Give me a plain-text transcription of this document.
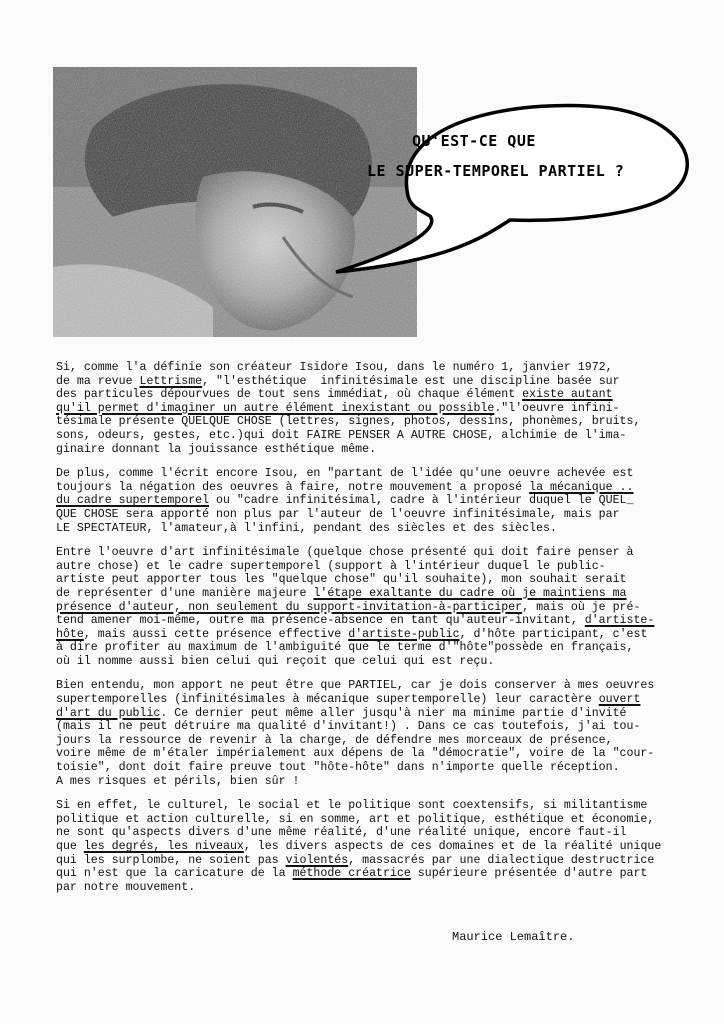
QU'EST-CE QUE
LE SUPER-TEMPOREL PARTIEL ?

Si, comme l'a définie son créateur Isidore Isou, dans le numéro 1, janvier 1972,
de ma revue Lettrisme, "l'esthétique  infinitésimale est une discipline basée sur
des particules dépourvues de tout sens immédiat, où chaque élément existe autant
qu'il permet d'imaginer un autre élément inexistant ou possible."l'oeuvre infini-
tésimale présente QUELQUE CHOSE (lettres, signes, photos, dessins, phonèmes, bruits,
sons, odeurs, gestes, etc.)qui doit FAIRE PENSER A AUTRE CHOSE, alchimie de l'ima-
ginaire donnant la jouissance esthétique même.

De plus, comme l'écrit encore Isou, en "partant de l'idée qu'une oeuvre achevée est
toujours la négation des oeuvres à faire, notre mouvement a proposé la mécanique ..
du cadre supertemporel ou "cadre infinitésimal, cadre à l'intérieur duquel le QUEL_
QUE CHOSE sera apporté non plus par l'auteur de l'oeuvre infinitésimale, mais par
LE SPECTATEUR, l'amateur,à l'infini, pendant des siècles et des siècles.

Entre l'oeuvre d'art infinitésimale (quelque chose présenté qui doit faire penser à
autre chose) et le cadre supertemporel (support à l'intérieur duquel le public-
artiste peut apporter tous les "quelque chose" qu'il souhaite), mon souhait serait
de représenter d'une manière majeure l'étape exaltante du cadre où je maintiens ma
présence d'auteur, non seulement du support-invitation-à-participer, mais où je pré-
tend amener moi-même, outre ma présence-absence en tant qu'auteur-invitant, d'artiste-
hôte, mais aussi cette présence effective d'artiste-public, d'hôte participant, c'est
à dire profiter au maximum de l'ambiguité que le terme d'"hôte"possède en français,
où il nomme aussi bien celui qui reçoit que celui qui est reçu.

Bien entendu, mon apport ne peut être que PARTIEL, car je dois conserver à mes oeuvres
supertemporelles (infinitésimales à mécanique supertemporelle) leur caractère ouvert
d'art du public. Ce dernier peut même aller jusqu'à nier ma minime partie d'invité
(mais il ne peut détruire ma qualité d'invitant!) . Dans ce cas toutefois, j'ai tou-
jours la ressource de revenir à la charge, de défendre mes morceaux de présence,
voire même de m'étaler impérialement aux dépens de la "démocratie", voire de la "cour-
toisie", dont doit faire preuve tout "hôte-hôte" dans n'importe quelle réception.
A mes risques et périls, bien sûr !

Si en effet, le culturel, le social et le politique sont coextensifs, si militantisme
politique et action culturelle, si en somme, art et politique, esthétique et économie,
ne sont qu'aspects divers d'une même réalité, d'une réalité unique, encore faut-il
que les degrés, les niveaux, les divers aspects de ces domaines et de la réalité unique
qui les surplombe, ne soient pas violentés, massacrés par une dialectique destructrice
qui n'est que la caricature de la méthode créatrice supérieure présentée d'autre part
par notre mouvement.

Maurice Lemaître.
